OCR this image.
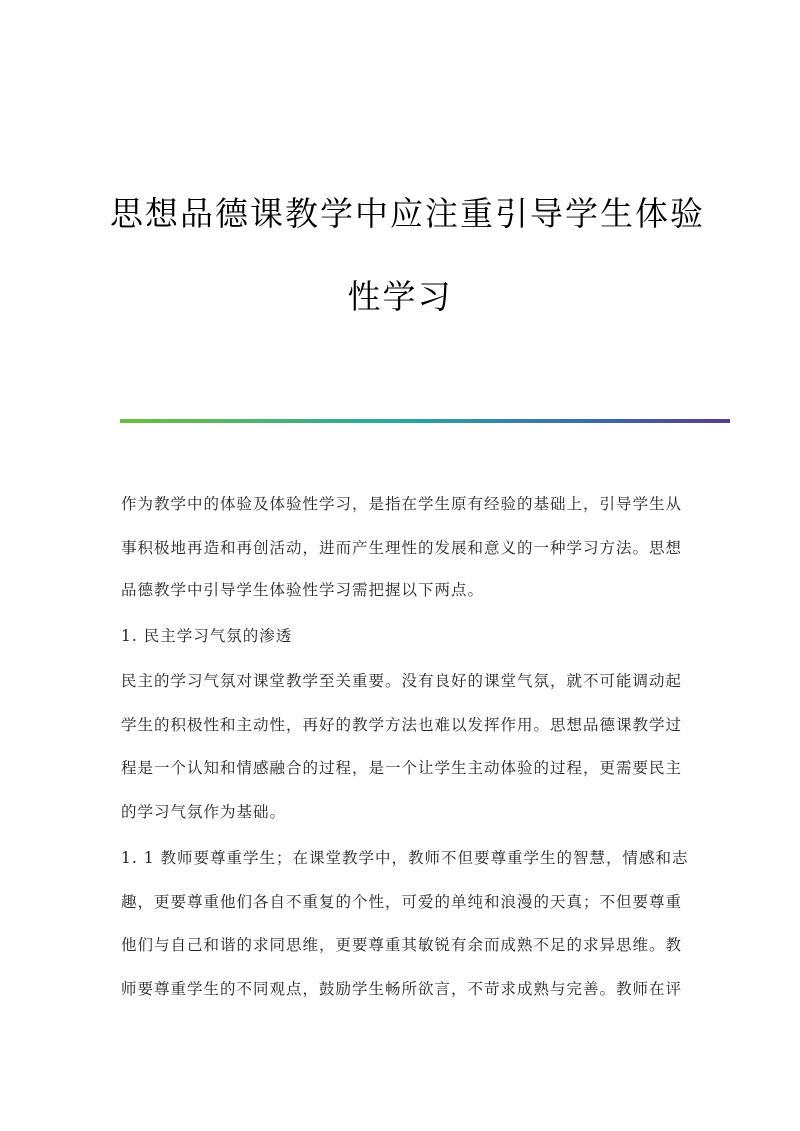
思想品德课教学中应注重引导学生体验
性学习
作为教学中的体验及体验性学习，是指在学生原有经验的基础上，引导学生从
事积极地再造和再创活动，进而产生理性的发展和意义的一种学习方法。思想
品德教学中引导学生体验性学习需把握以下两点。
1. 民主学习气氛的渗透
民主的学习气氛对课堂教学至关重要。没有良好的课堂气氛，就不可能调动起
学生的积极性和主动性，再好的教学方法也难以发挥作用。思想品德课教学过
程是一个认知和情感融合的过程，是一个让学生主动体验的过程，更需要民主
的学习气氛作为基础。
1. 1 教师要尊重学生；在课堂教学中，教师不但要尊重学生的智慧，情感和志
趣，更要尊重他们各自不重复的个性，可爱的单纯和浪漫的天真；不但要尊重
他们与自己和谐的求同思维，更要尊重其敏锐有余而成熟不足的求异思维。教
师要尊重学生的不同观点，鼓励学生畅所欲言，不苛求成熟与完善。教师在评
